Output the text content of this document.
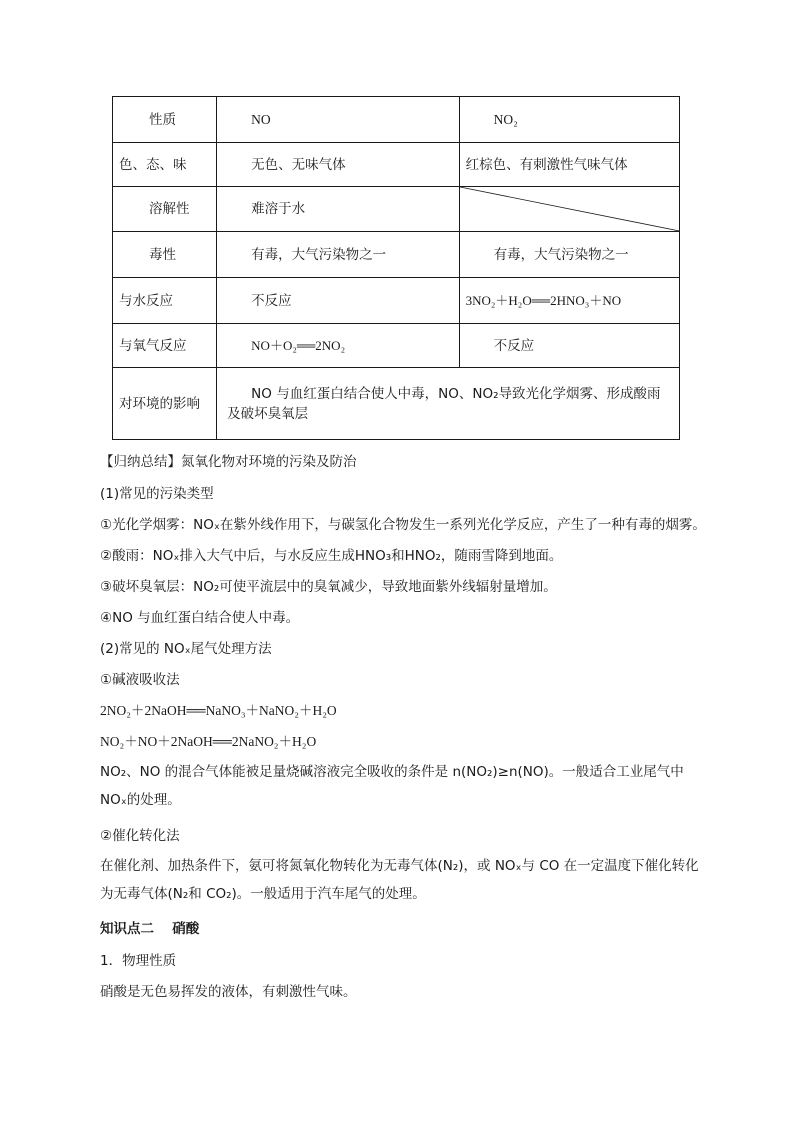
性质	NO	NO₂
色、态、味	无色、无味气体	红棕色、有刺激性气味气体
溶解性	难溶于水	

毒性	有毒，大气污染物之一	有毒，大气污染物之一
与水反应	不反应	3NO₂＋H₂O══2HNO₃＋NO
与氧气反应	NO＋O₂══2NO₂	不反应
对环境的影响	NO 与血红蛋白结合使人中毒，NO、NO₂导致光化学烟雾、形成酸雨及破坏臭氧层	
【归纳总结】氮氧化物对环境的污染及防治
(1)常见的污染类型
①光化学烟雾：NOₓ在紫外线作用下，与碳氢化合物发生一系列光化学反应，产生了一种有毒的烟雾。
②酸雨：NOₓ排入大气中后，与水反应生成HNO₃和HNO₂，随雨雪降到地面。
③破坏臭氧层：NO₂可使平流层中的臭氧减少，导致地面紫外线辐射量增加。
④NO 与血红蛋白结合使人中毒。
(2)常见的 NOₓ尾气处理方法
①碱液吸收法
2NO₂＋2NaOH══NaNO₃＋NaNO₂＋H₂O
NO₂＋NO＋2NaOH══2NaNO₂＋H₂O
NO₂、NO 的混合气体能被足量烧碱溶液完全吸收的条件是 n(NO₂)≥n(NO)。一般适合工业尾气中 NOₓ的处理。
②催化转化法
在催化剂、加热条件下，氨可将氮氧化物转化为无毒气体(N₂)，或 NOₓ与 CO 在一定温度下催化转化为无毒气体(N₂和 CO₂)。一般适用于汽车尾气的处理。
知识点二　 硝酸
1．物理性质
硝酸是无色易挥发的液体，有刺激性气味。
